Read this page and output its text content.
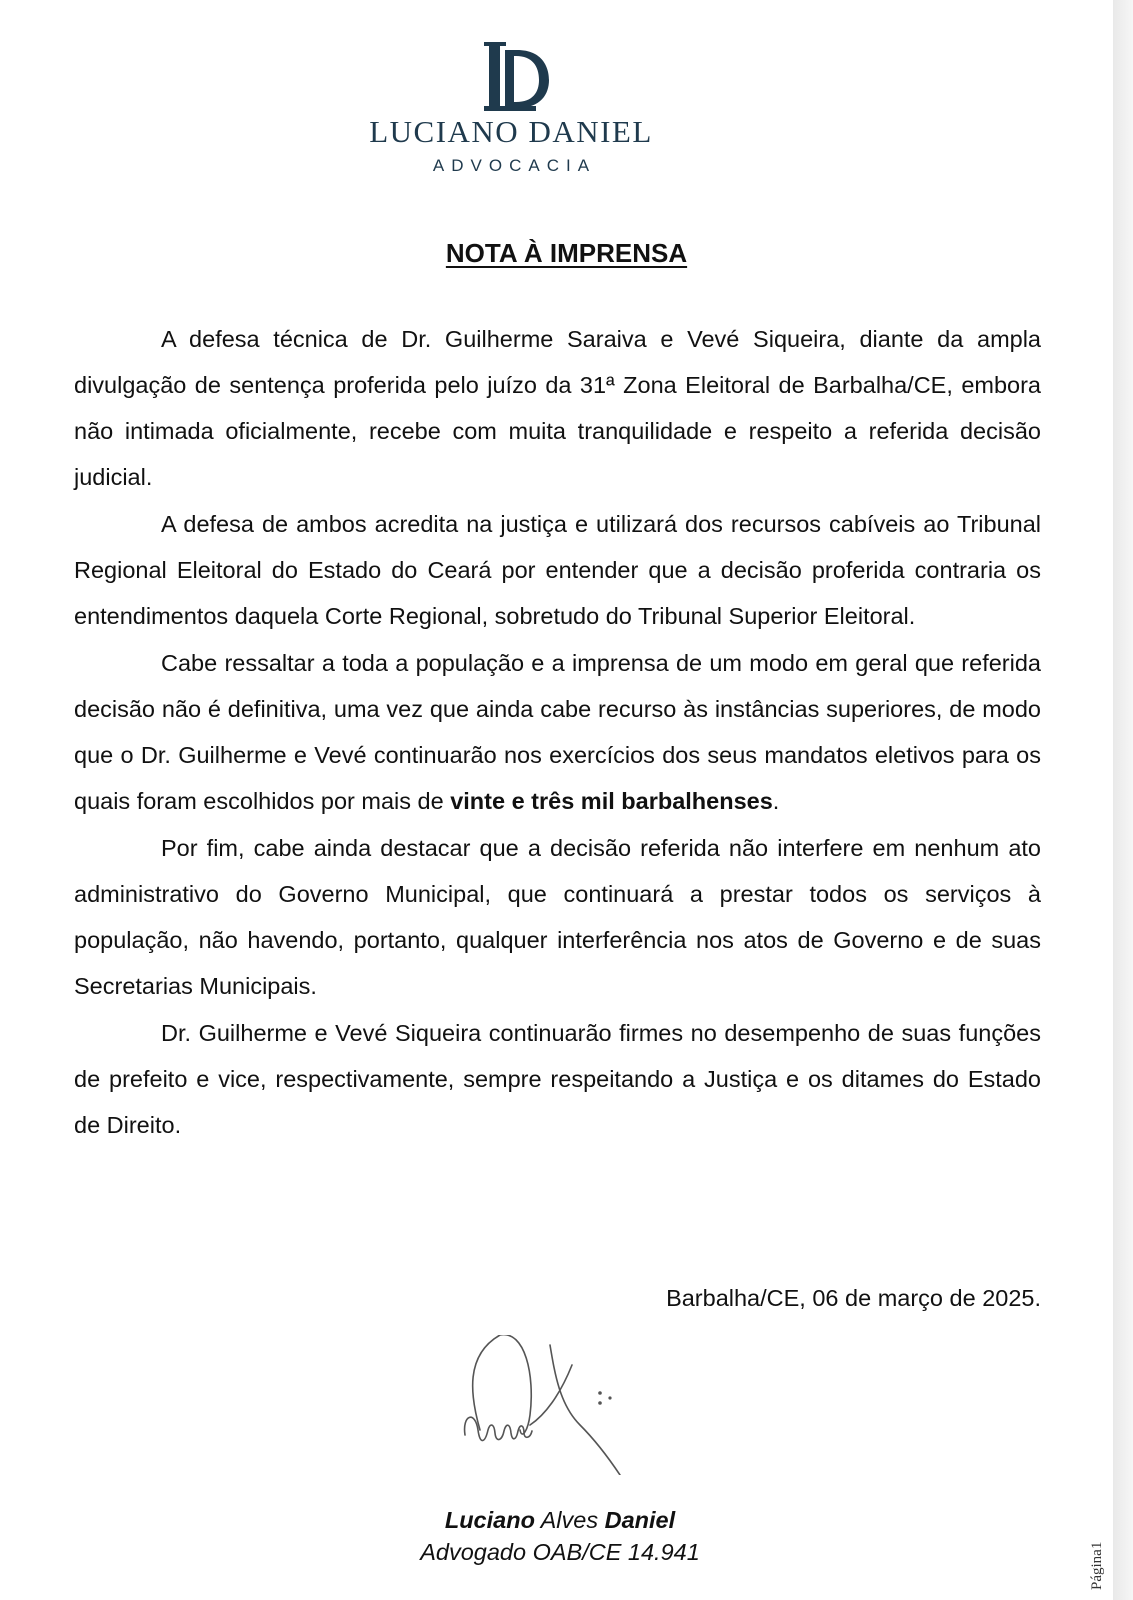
LUCIANO DANIEL
ADVOCACIA
NOTA À IMPRENSA

A defesa técnica de Dr. Guilherme Saraiva e Vevé Siqueira, diante da ampla divulgação de sentença proferida pelo juízo da 31ª Zona Eleitoral de Barbalha/CE, embora não intimada oficialmente, recebe com muita tranquilidade e respeito a referida decisão judicial.

A defesa de ambos acredita na justiça e utilizará dos recursos cabíveis ao Tribunal Regional Eleitoral do Estado do Ceará por entender que a decisão proferida contraria os entendimentos daquela Corte Regional, sobretudo do Tribunal Superior Eleitoral.

Cabe ressaltar a toda a população e a imprensa de um modo em geral que referida decisão não é definitiva, uma vez que ainda cabe recurso às instâncias superiores, de modo que o Dr. Guilherme e Vevé continuarão nos exercícios dos seus mandatos eletivos para os quais foram escolhidos por mais de vinte e três mil barbalhenses.

Por fim, cabe ainda destacar que a decisão referida não interfere em nenhum ato administrativo do Governo Municipal, que continuará a prestar todos os serviços à população, não havendo, portanto, qualquer interferência nos atos de Governo e de suas Secretarias Municipais.

Dr. Guilherme e Vevé Siqueira continuarão firmes no desempenho de suas funções de prefeito e vice, respectivamente, sempre respeitando a Justiça e os ditames do Estado de Direito.

Barbalha/CE, 06 de março de 2025.
Luciano Alves Daniel
Advogado OAB/CE 14.941	Página1
